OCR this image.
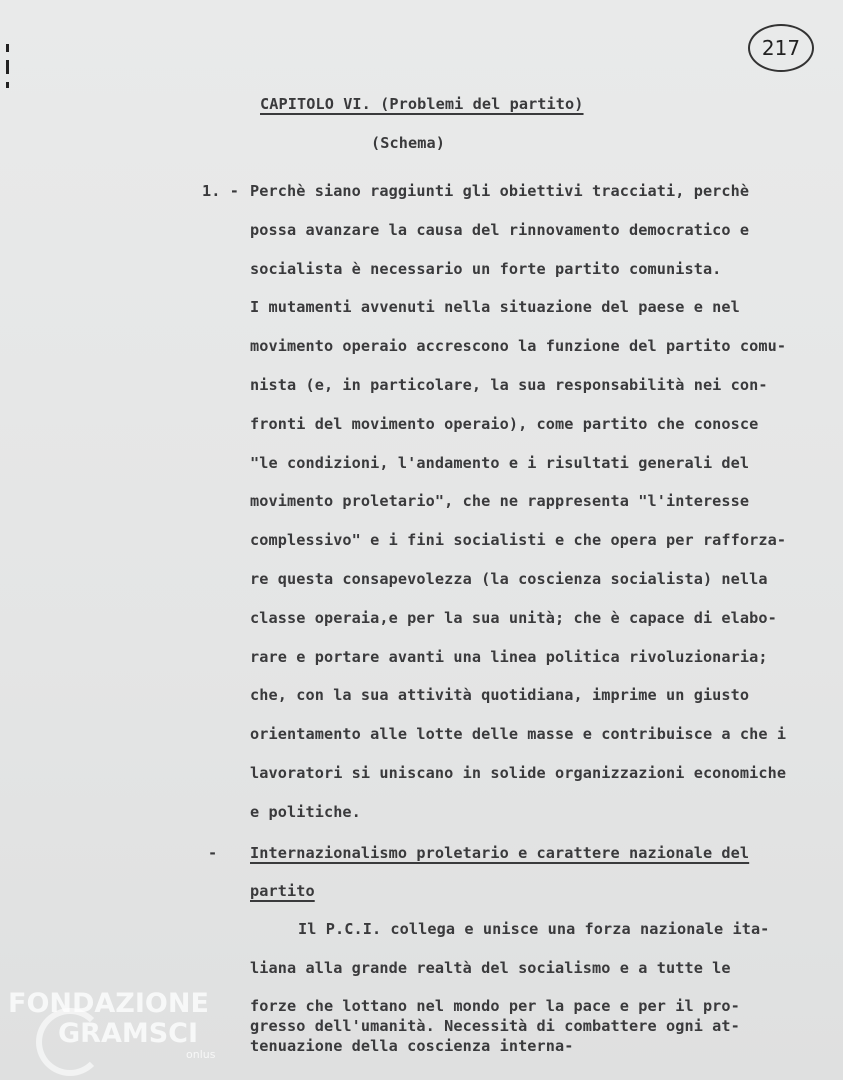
217
CAPITOLO VI. (Problemi del partito)
(Schema)
1. - Perchè siano raggiunti gli obiettivi tracciati, perchè
possa avanzare la causa del rinnovamento democratico e
socialista è necessario un forte partito comunista.
I mutamenti avvenuti nella situazione del paese e nel
movimento operaio accrescono la funzione del partito comu-
nista (e, in particolare, la sua responsabilità nei con-
fronti del movimento operaio), come partito che conosce
"le condizioni, l'andamento e i risultati generali del
movimento proletario", che ne rappresenta "l'interesse
complessivo" e i fini socialisti e che opera per rafforza-
re questa consapevolezza (la coscienza socialista) nella
classe operaia,e per la sua unità; che è capace di elabo-
rare e portare avanti una linea politica rivoluzionaria;
che, con la sua attività quotidiana, imprime un giusto
orientamento alle lotte delle masse e contribuisce a che i
lavoratori si uniscano in solide organizzazioni economiche
e politiche.
- Internazionalismo proletario e carattere nazionale del
partito
Il P.C.I. collega e unisce una forza nazionale ita-
liana alla grande realtà del socialismo e a tutte le
forze che lottano nel mondo per la pace e per il pro-
gresso dell'umanità. Necessità di combattere ogni at-
tenuazione della coscienza interna-
FONDAZIONE
GRAMSCI
onlus
